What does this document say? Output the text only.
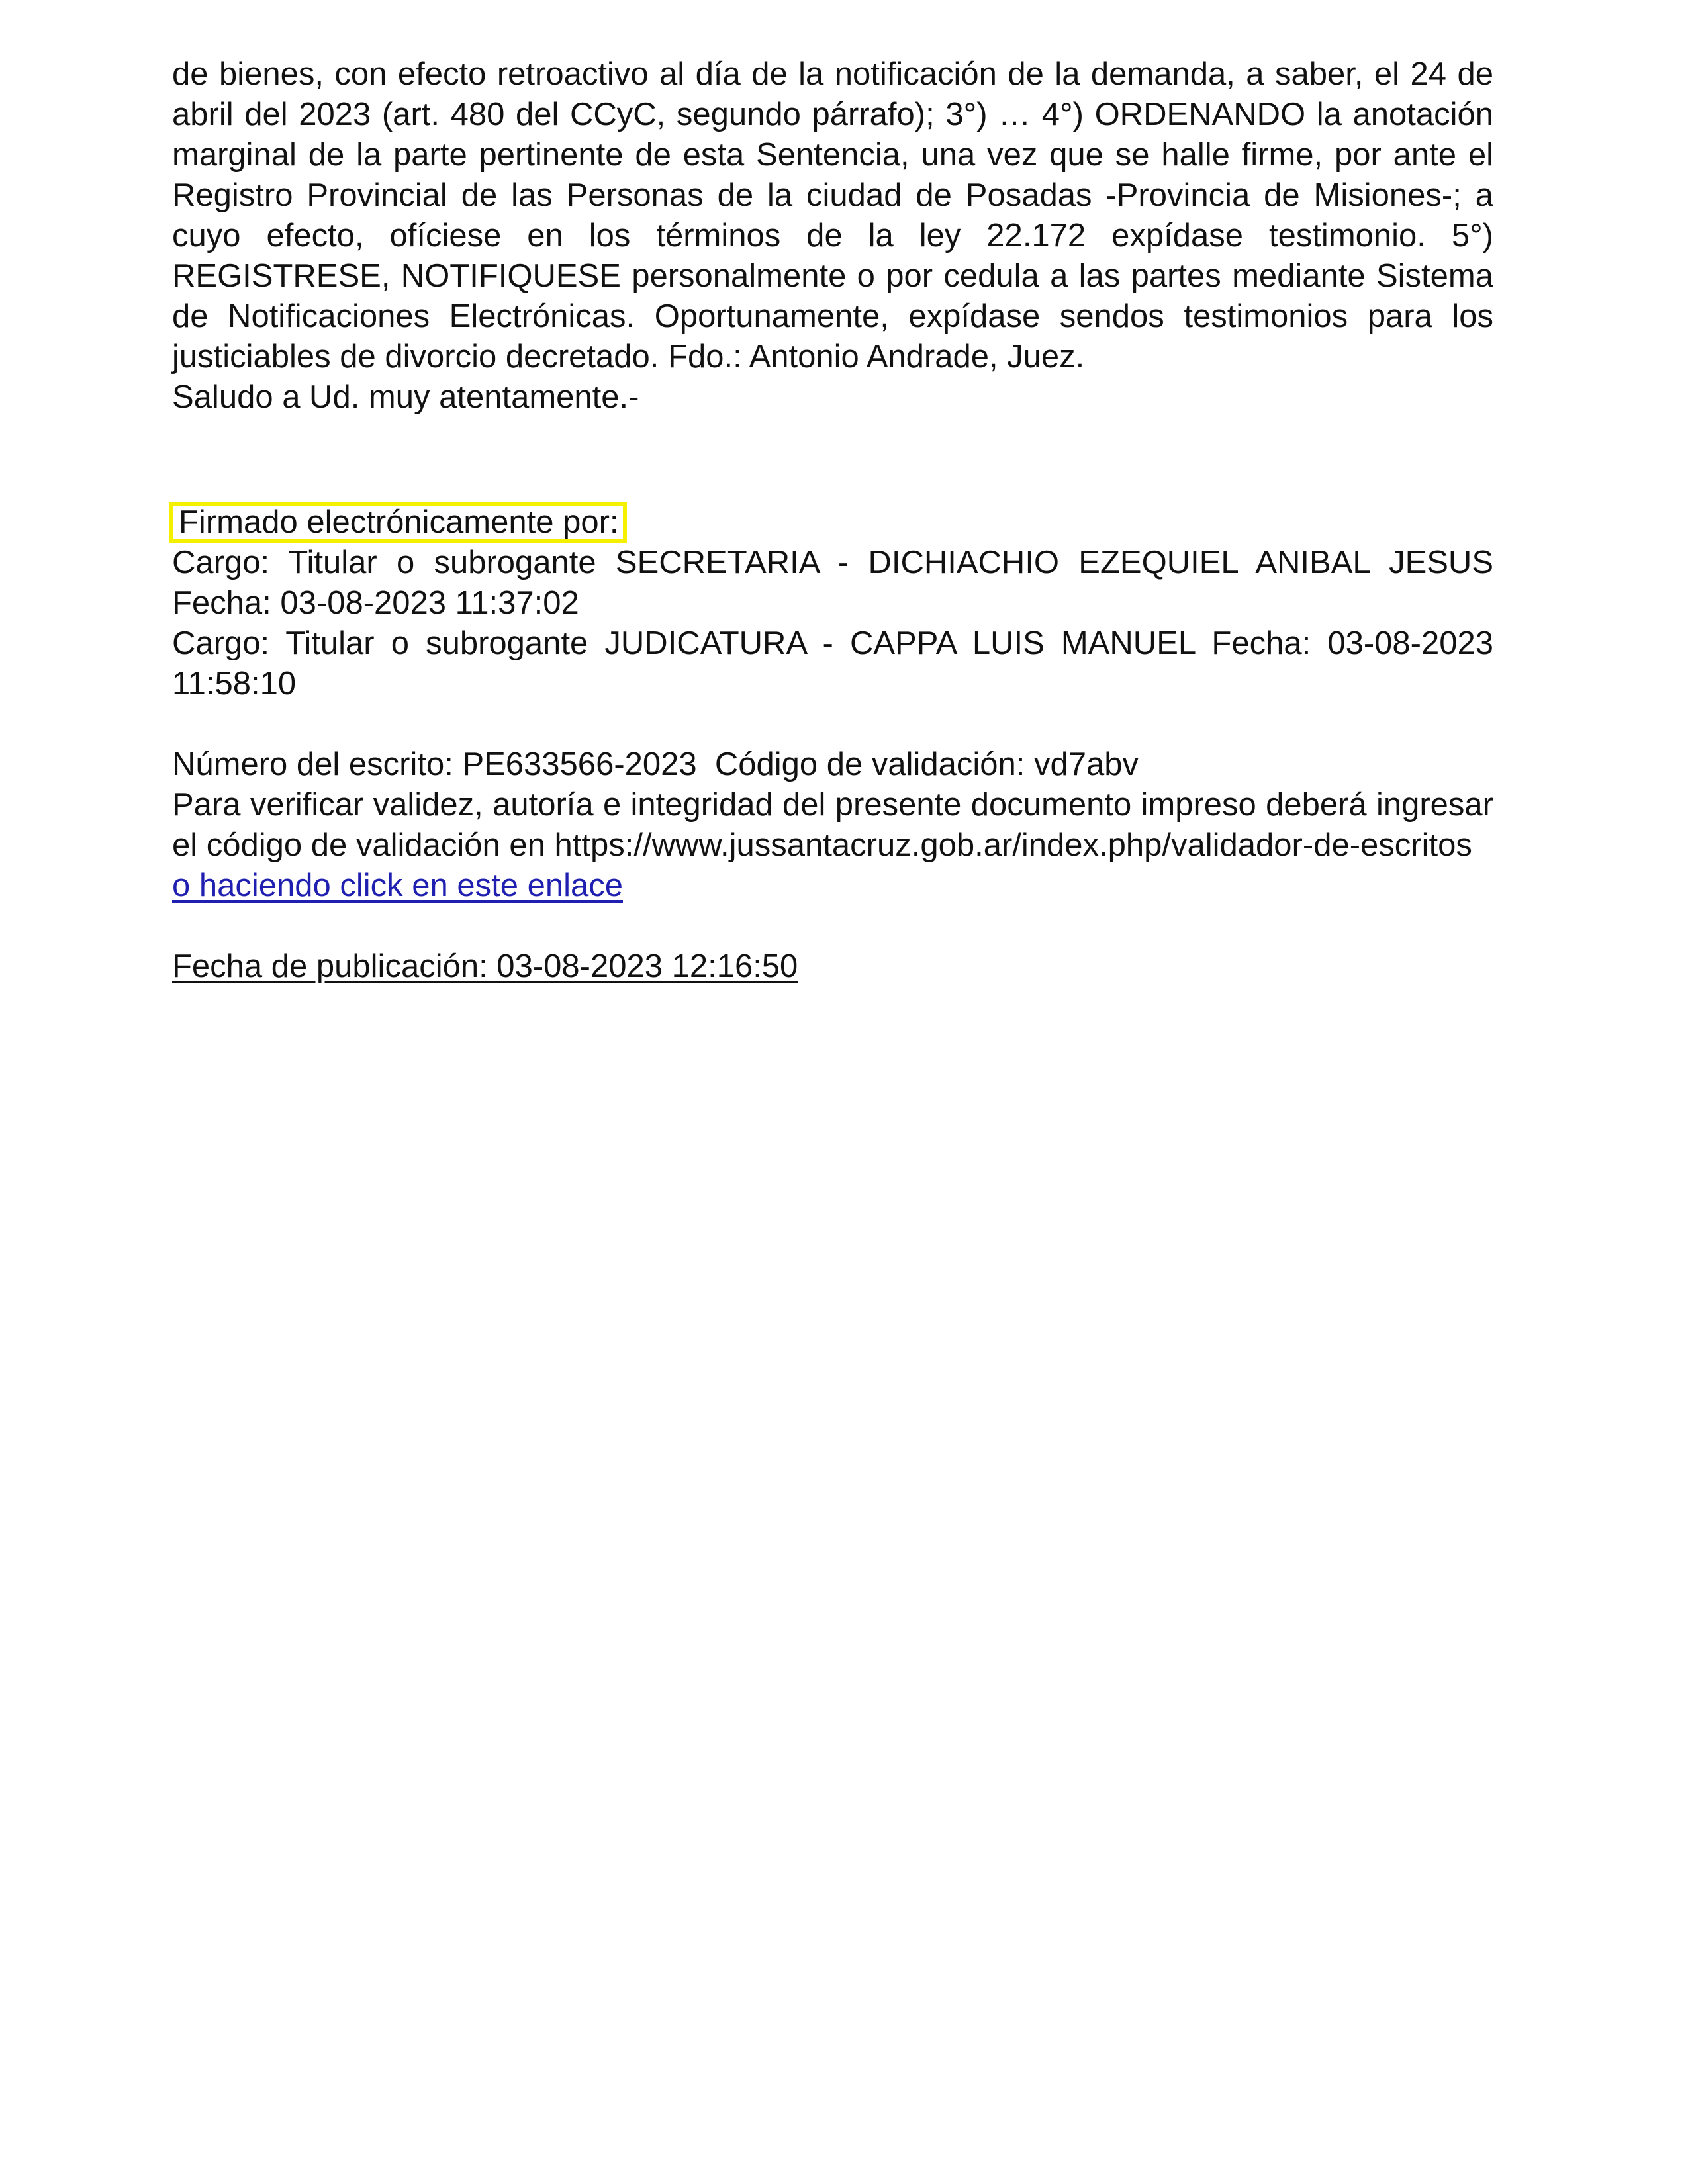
de bienes, con efecto retroactivo al día de la notificación de la demanda, a saber, el 24 de abril del 2023 (art. 480 del CCyC, segundo párrafo); 3°) … 4°) ORDENANDO la anotación marginal de la parte pertinente de esta Sentencia, una vez que se halle firme, por ante el Registro Provincial de las Personas de la ciudad de Posadas -Provincia de Misiones-; a cuyo efecto, ofíciese en los términos de la ley 22.172 expídase testimonio. 5°) REGISTRESE, NOTIFIQUESE personalmente o por cedula a las partes mediante Sistema de Notificaciones Electrónicas. Oportunamente, expídase sendos testimonios para los justiciables de divorcio decretado. Fdo.: Antonio Andrade, Juez.

Saludo a Ud. muy atentamente.-

Firmado electrónicamente por:

Cargo: Titular o subrogante SECRETARIA - DICHIACHIO EZEQUIEL ANIBAL JESUS Fecha: 03-08-2023 11:37:02

Cargo: Titular o subrogante JUDICATURA - CAPPA LUIS MANUEL Fecha: 03-08-2023 11:58:10

Número del escrito: PE633566-2023  Código de validación: vd7abv

Para verificar validez, autoría e integridad del presente documento impreso deberá ingresar el código de validación en https://www.jussantacruz.gob.ar/index.php/validador-de-escritos

o haciendo click en este enlace

Fecha de publicación: 03-08-2023 12:16:50
